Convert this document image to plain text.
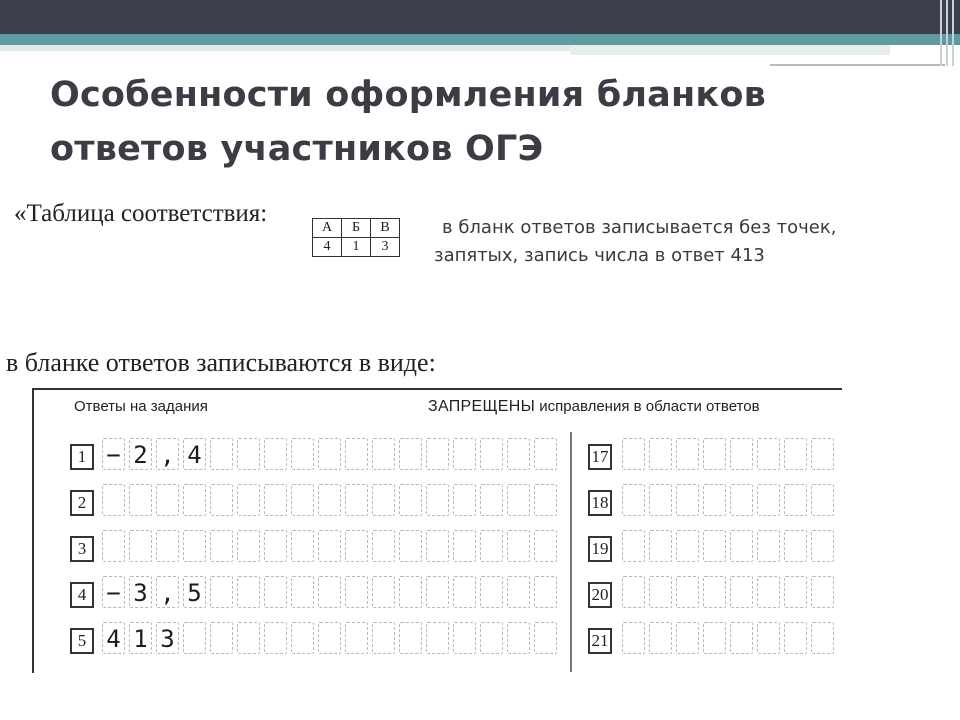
Особенности оформления бланков
ответов участников ОГЭ
«Таблица соответствия:
А	Б	В
4	1	3
в бланк ответов записывается без точек,
запятых, запись числа в ответ 413
в бланке ответов записываются в виде:
Ответы на задания	ЗАПРЕЩЕНЫ исправления в области ответов
1 − 2 , 4
2
3
4 − 3 , 5
5 4 1 3
17
18
19
20
21
